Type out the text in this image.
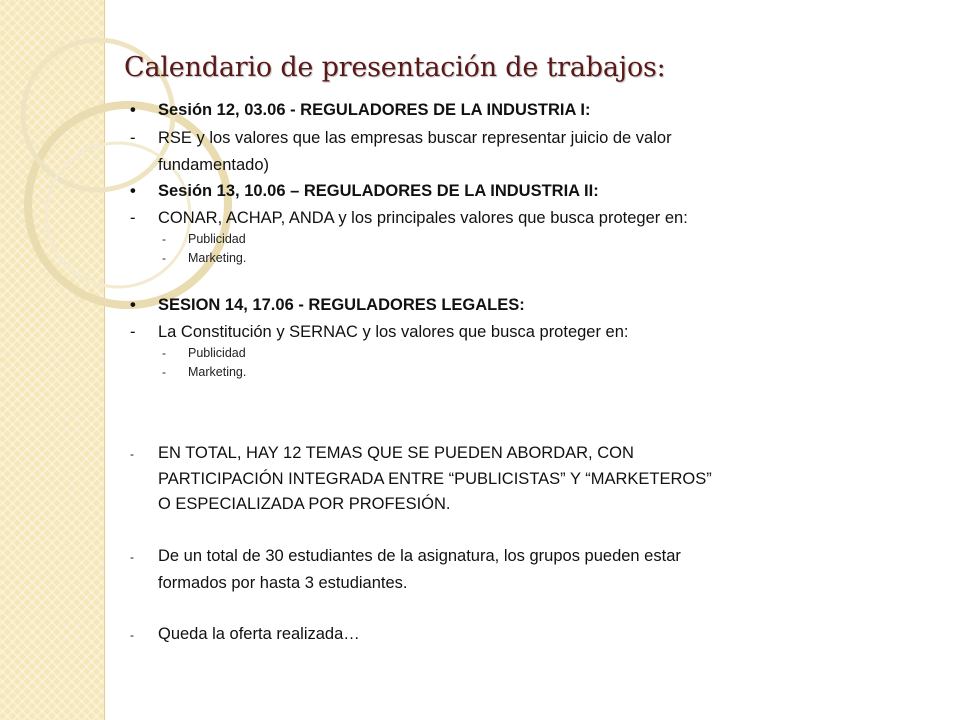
Calendario de presentación de trabajos:
• Sesión 12, 03.06 - REGULADORES DE LA INDUSTRIA I:
- RSE y los valores que las empresas buscar representar juicio de valor
fundamentado)
• Sesión 13, 10.06 – REGULADORES DE LA INDUSTRIA II:
- CONAR, ACHAP, ANDA y los principales valores que busca proteger en:
- Publicidad
- Marketing.
• SESION 14, 17.06 - REGULADORES LEGALES:
- La Constitución y SERNAC y los valores que busca proteger en:
- Publicidad
- Marketing.
- EN TOTAL, HAY 12 TEMAS QUE SE PUEDEN ABORDAR, CON
PARTICIPACIÓN INTEGRADA ENTRE “PUBLICISTAS” Y “MARKETEROS”
O ESPECIALIZADA POR PROFESIÓN.
- De un total de 30 estudiantes de la asignatura, los grupos pueden estar
formados por hasta 3 estudiantes.
- Queda la oferta realizada…
